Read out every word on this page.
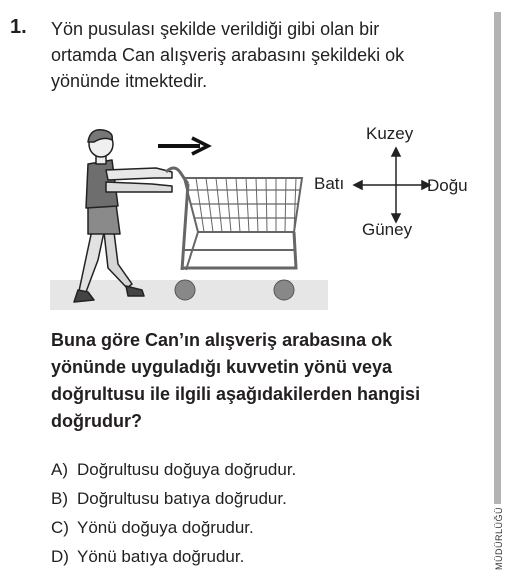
1. Yön pusulası şekilde verildiği gibi olan bir
ortamda Can alışveriş arabasını şekildeki ok
yönünde itmektedir.
Kuzey
Güney
Batı	Doğu
Buna göre Can’ın alışveriş arabasına ok
yönünde uyguladığı kuvvetin yönü veya
doğrultusu ile ilgili aşağıdakilerden hangisi
doğrudur?
A) Doğrultusu doğuya doğrudur.
B) Doğrultusu batıya doğrudur.
C) Yönü doğuya doğrudur.
D) Yönü batıya doğrudur.	MÜDÜRLÜĞÜ
